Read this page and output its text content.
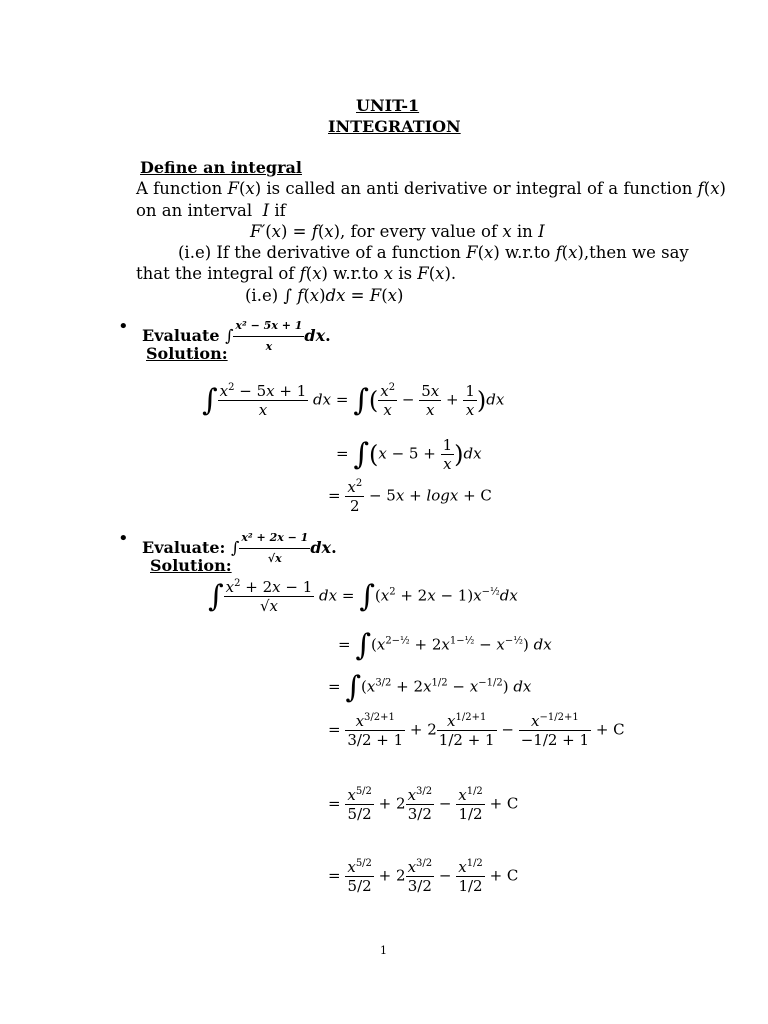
UNIT-1
INTEGRATION
Define an integral
A function F(x) is called an anti derivative or integral of a function f(x)
on an interval  I if
F′(x) = f(x), for every value of x in I
(i.e) If the derivative of a function F(x) w.r.to f(x),then we say
that the integral of f(x) w.r.to x is F(x).
(i.e) ∫ f(x)dx = F(x)
• Evaluate ∫ $\frac{\text{x² − 5x + 1}}{x}$ dx.
Solution:
∫ $\frac{x^2 - 5x + 1}{x}$ dx = ∫( $\frac{x^2}{x} - \frac{5x}{x} + \frac{1}{x} )dx$
= $\int(x - 5 + \frac{1}{x} )dx$
= $\frac{x^2}{2} - 5x + \log x + C$
• Evaluate: ∫ $\frac{\text{x² + 2x − 1}}{√x}$ dx.
Solution:
∫ $\frac{x^2 + 2x - 1}{√x}$ dx = $\int(x^2 + 2x - 1)x^{-\frac{1}{2}}dx$
= $\int(x^{2-\frac{1}{2}} + 2x^{1-\frac{1}{2}} - x^{-\frac{1}{2}})$ dx
= $\int(x^{3/2} + 2x^{1/2} - x^{-1/2})$ dx
= $\frac{x^{3/2+1}}{3/2 + 1} + 2 \frac{x^{1/2+1}}{1/2 + 1} - \frac{x^{-1/2+1}}{-1/2 + 1} + C$
= $\frac{x^{5/2}}{5/2} + 2 \frac{x^{3/2}}{3/2} - \frac{x^{1/2}}{1/2} + C$
= $\frac{x^{5/2}}{5/2} + 2 \frac{x^{3/2}}{3/2} - \frac{x^{1/2}}{1/2} + C$
1
